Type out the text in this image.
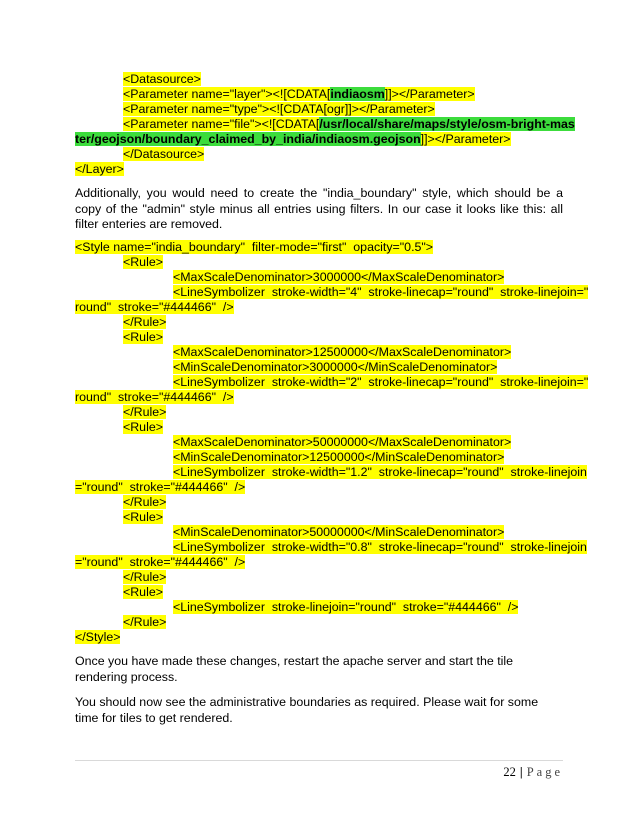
<Datasource>
<Parameter name="layer"><![CDATA[indiaosm]]></Parameter>
<Parameter name="type"><![CDATA[ogr]]></Parameter>
<Parameter name="file"><![CDATA[/usr/local/share/maps/style/osm-bright-mas
ter/geojson/boundary_claimed_by_india/indiaosm.geojson]]></Parameter>
</Datasource>
</Layer>
Additionally, you would need to create the "india_boundary" style, which should be a copy of the "admin" style minus all entries using filters. In our case it looks like this: all filter enteries are removed.
<Style name="india_boundary"  filter-mode="first"  opacity="0.5">
<Rule>
<MaxScaleDenominator>3000000</MaxScaleDenominator>
<LineSymbolizer  stroke-width="4"  stroke-linecap="round"  stroke-linejoin="
round"  stroke="#444466"  />
</Rule>
<Rule>
<MaxScaleDenominator>12500000</MaxScaleDenominator>
<MinScaleDenominator>3000000</MinScaleDenominator>
<LineSymbolizer  stroke-width="2"  stroke-linecap="round"  stroke-linejoin="
round"  stroke="#444466"  />
</Rule>
<Rule>
<MaxScaleDenominator>50000000</MaxScaleDenominator>
<MinScaleDenominator>12500000</MinScaleDenominator>
<LineSymbolizer  stroke-width="1.2"  stroke-linecap="round"  stroke-linejoin
="round"  stroke="#444466"  />
</Rule>
<Rule>
<MinScaleDenominator>50000000</MinScaleDenominator>
<LineSymbolizer  stroke-width="0.8"  stroke-linecap="round"  stroke-linejoin
="round"  stroke="#444466"  />
</Rule>
<Rule>
<LineSymbolizer  stroke-linejoin="round"  stroke="#444466"  />
</Rule>
</Style>
Once you have made these changes, restart the apache server and start the tile rendering process.
You should now see the administrative boundaries as required. Please wait for some time for tiles to get rendered.
22 | Page
